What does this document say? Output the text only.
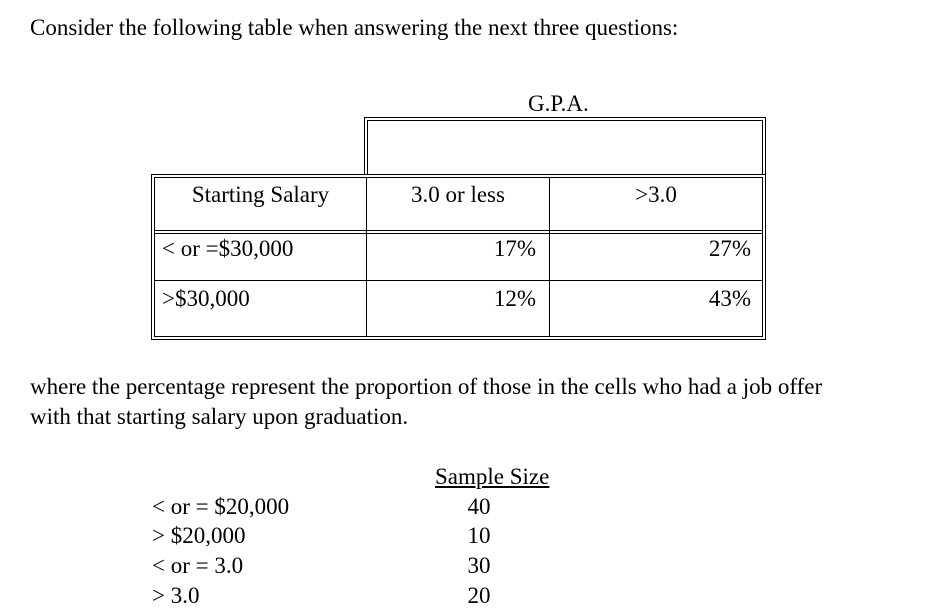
Consider the following table when answering the next three questions:
G.P.A.
Starting Salary	3.0 or less	>3.0
< or =$30,000	17%	27%
>$30,000	12%	43%
where the percentage represent the proportion of those in the cells who had a job offer
with that starting salary upon graduation.
Sample Size
< or = $20,000	40
> $20,000	10
< or = 3.0	30
> 3.0	20
